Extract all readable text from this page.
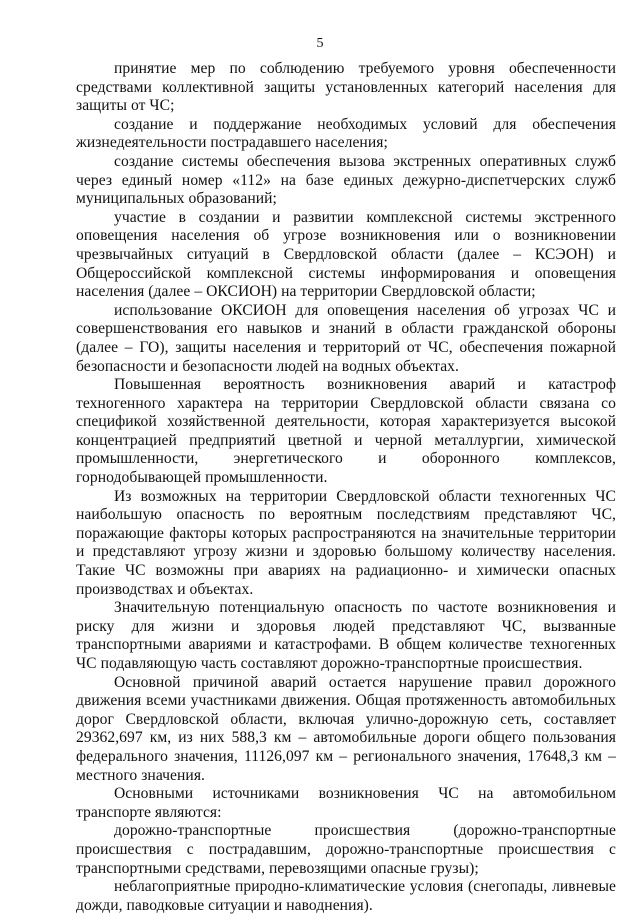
5

принятие мер по соблюдению требуемого уровня обеспеченности средствами коллективной защиты установленных категорий населения для защиты от ЧС;

создание и поддержание необходимых условий для обеспечения жизнедеятельности пострадавшего населения;

создание системы обеспечения вызова экстренных оперативных служб через единый номер «112» на базе единых дежурно-диспетчерских служб муниципальных образований;

участие в создании и развитии комплексной системы экстренного оповещения населения об угрозе возникновения или о возникновении чрезвычайных ситуаций в Свердловской области (далее – КСЭОН) и Общероссийской комплексной системы информирования и оповещения населения (далее – ОКСИОН) на территории Свердловской области;

использование ОКСИОН для оповещения населения об угрозах ЧС и совершенствования его навыков и знаний в области гражданской обороны (далее – ГО), защиты населения и территорий от ЧС, обеспечения пожарной безопасности и безопасности людей на водных объектах.

Повышенная вероятность возникновения аварий и катастроф техногенного характера на территории Свердловской области связана со спецификой хозяйственной деятельности, которая характеризуется высокой концентрацией предприятий цветной и черной металлургии, химической промышленности, энергетического и оборонного комплексов, горнодобывающей промышленности.

Из возможных на территории Свердловской области техногенных ЧС наибольшую опасность по вероятным последствиям представляют ЧС, поражающие факторы которых распространяются на значительные территории и представляют угрозу жизни и здоровью большому количеству населения. Такие ЧС возможны при авариях на радиационно- и химически опасных производствах и объектах.

Значительную потенциальную опасность по частоте возникновения и риску для жизни и здоровья людей представляют ЧС, вызванные транспортными авариями и катастрофами. В общем количестве техногенных ЧС подавляющую часть составляют дорожно-транспортные происшествия.

Основной причиной аварий остается нарушение правил дорожного движения всеми участниками движения. Общая протяженность автомобильных дорог Свердловской области, включая улично-дорожную сеть, составляет 29362,697 км, из них 588,3 км – автомобильные дороги общего пользования федерального значения, 11126,097 км – регионального значения, 17648,3 км – местного значения.

Основными источниками возникновения ЧС на автомобильном транспорте являются:

дорожно-транспортные происшествия (дорожно-транспортные происшествия с пострадавшим, дорожно-транспортные происшествия с транспортными средствами, перевозящими опасные грузы);

неблагоприятные природно-климатические условия (снегопады, ливневые дожди, паводковые ситуации и наводнения).
